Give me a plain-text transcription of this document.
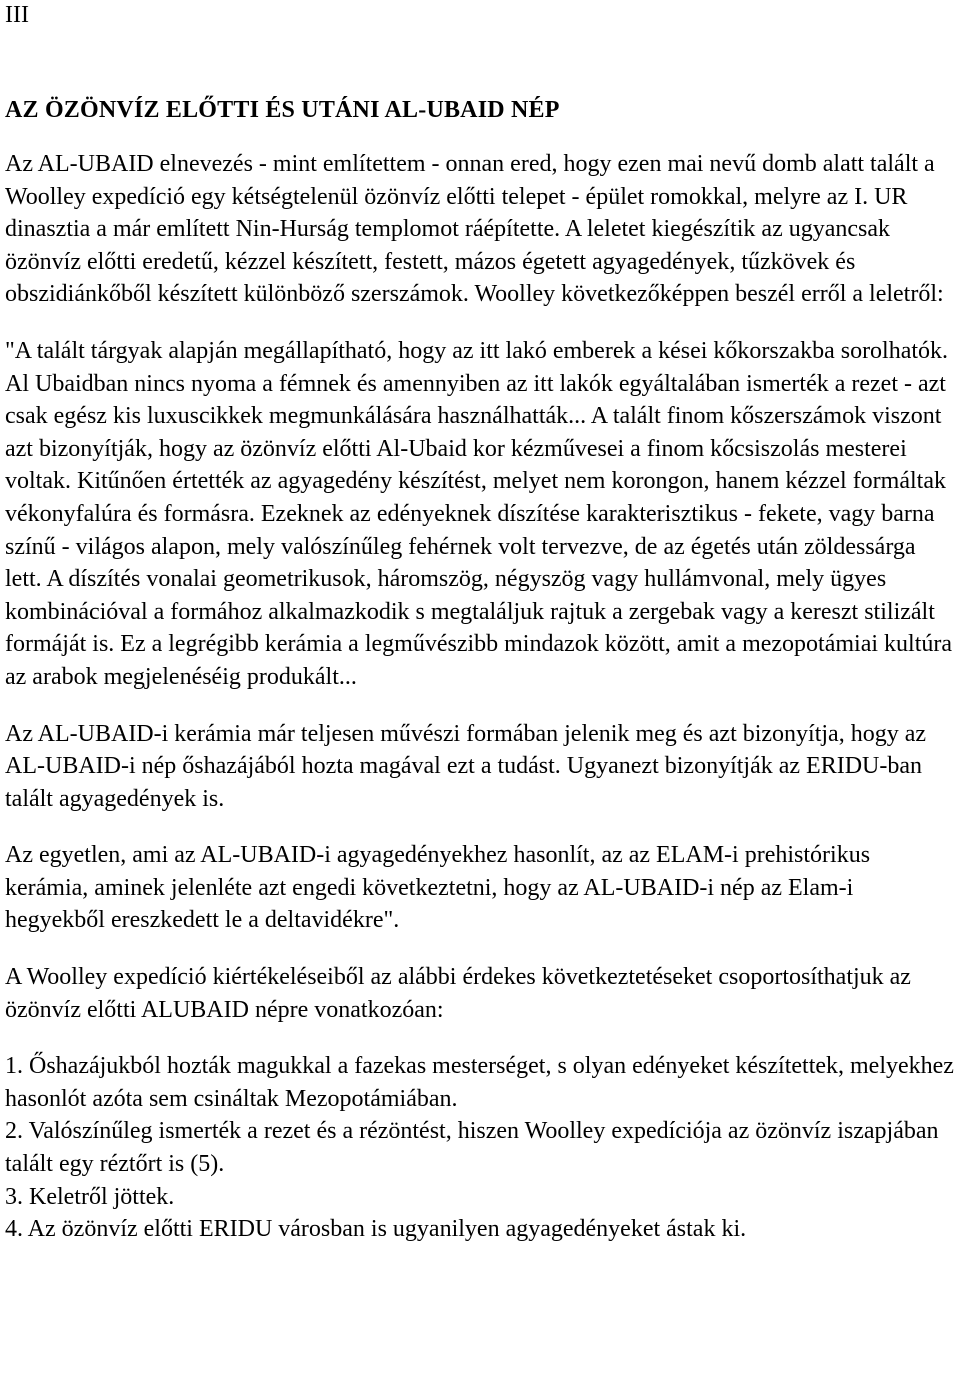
III

AZ ÖZÖNVÍZ ELŐTTI ÉS UTÁNI AL-UBAID NÉP

Az AL-UBAID elnevezés - mint említettem - onnan ered, hogy ezen mai nevű domb alatt talált a Woolley expedíció egy kétségtelenül özönvíz előtti telepet - épület romokkal, melyre az I. UR dinasztia a már említett Nin-Hurság templomot ráépítette. A leletet kiegészítik az ugyancsak özönvíz előtti eredetű, kézzel készített, festett, mázos égetett agyagedények, tűzkövek és obszidiánkőből készített különböző szerszámok. Woolley következőképpen beszél erről a leletről:

"A talált tárgyak alapján megállapítható, hogy az itt lakó emberek a kései kőkorszakba sorolhatók. Al Ubaidban nincs nyoma a fémnek és amennyiben az itt lakók egyáltalában ismerték a rezet - azt csak egész kis luxuscikkek megmunkálására használhatták... A talált finom kőszerszámok viszont azt bizonyítják, hogy az özönvíz előtti Al-Ubaid kor kézművesei a finom kőcsiszolás mesterei voltak. Kitűnően értették az agyagedény készítést, melyet nem korongon, hanem kézzel formáltak vékonyfalúra és formásra. Ezeknek az edényeknek díszítése karakterisztikus - fekete, vagy barna színű - világos alapon, mely valószínűleg fehérnek volt tervezve, de az égetés után zöldessárga lett. A díszítés vonalai geometrikusok, háromszög, négyszög vagy hullámvonal, mely ügyes kombinációval a formához alkalmazkodik s megtaláljuk rajtuk a zergebak vagy a kereszt stilizált formáját is. Ez a legrégibb kerámia a legművészibb mindazok között, amit a mezopotámiai kultúra az arabok megjelenéséig produkált...

Az AL-UBAID-i kerámia már teljesen művészi formában jelenik meg és azt bizonyítja, hogy az AL-UBAID-i nép őshazájából hozta magával ezt a tudást. Ugyanezt bizonyítják az ERIDU-ban talált agyagedények is.

Az egyetlen, ami az AL-UBAID-i agyagedényekhez hasonlít, az az ELAM-i prehistórikus kerámia, aminek jelenléte azt engedi következtetni, hogy az AL-UBAID-i nép az Elam-i hegyekből ereszkedett le a deltavidékre".

A Woolley expedíció kiértékeléseiből az alábbi érdekes következtetéseket csoportosíthatjuk az özönvíz előtti ALUBAID népre vonatkozóan:

1. Őshazájukból hozták magukkal a fazekas mesterséget, s olyan edényeket készítettek, melyekhez hasonlót azóta sem csináltak Mezopotámiában.
2. Valószínűleg ismerték a rezet és a rézöntést, hiszen Woolley expedíciója az özönvíz iszapjában talált egy réztőrt is (5).
3. Keletről jöttek.
4. Az özönvíz előtti ERIDU városban is ugyanilyen agyagedényeket ástak ki.
